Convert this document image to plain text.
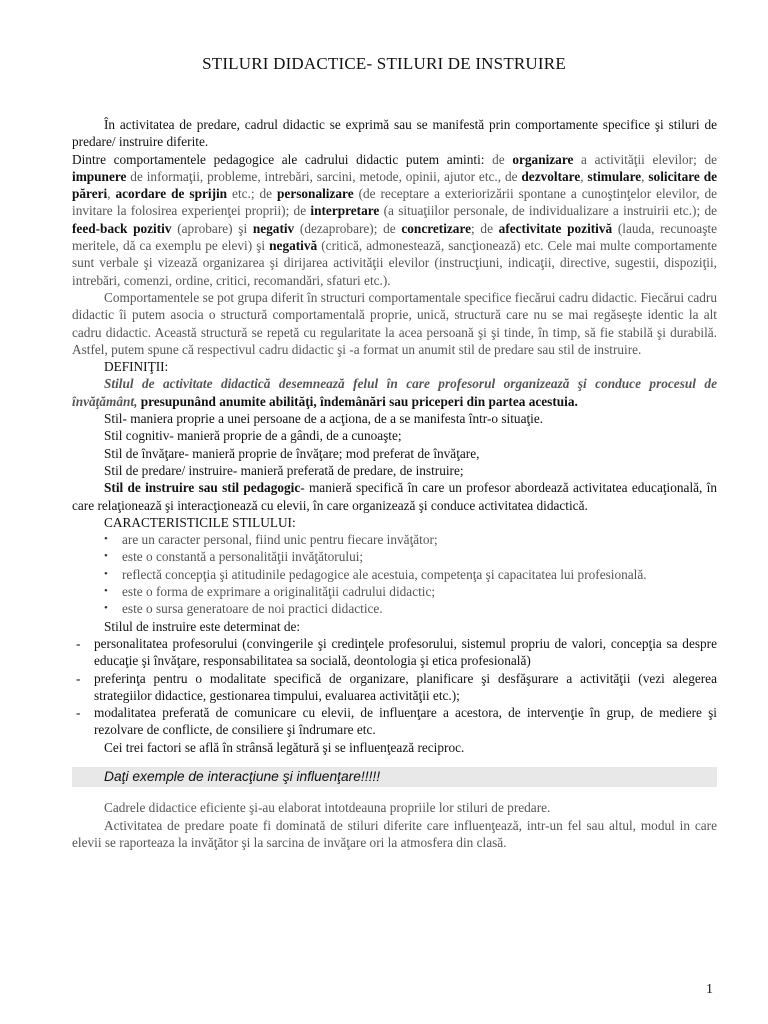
STILURI DIDACTICE- STILURI DE INSTRUIRE

În activitatea de predare, cadrul didactic se exprimă sau se manifestă prin comportamente specifice şi stiluri de predare/ instruire diferite.

Dintre comportamentele pedagogice ale cadrului didactic putem aminti: de organizare a activităţii elevilor; de impunere de informaţii, probleme, intrebări, sarcini, metode, opinii, ajutor etc., de dezvoltare, stimulare, solicitare de păreri, acordare de sprijin etc.; de personalizare (de receptare a exteriorizării spontane a cunoştinţelor elevilor, de invitare la folosirea experienţei proprii); de interpretare (a situaţiilor personale, de individualizare a instruirii etc.); de feed-back pozitiv (aprobare) şi negativ (dezaprobare); de concretizare; de afectivitate pozitivă (lauda, recunoaşte meritele, dă ca exemplu pe elevi) şi negativă (critică, admonestează, sancţionează) etc. Cele mai multe comportamente sunt verbale şi vizează organizarea şi dirijarea activităţii elevilor (instrucţiuni, indicaţii, directive, sugestii, dispoziţii, intrebări, comenzi, ordine, critici, recomandări, sfaturi etc.).

Comportamentele se pot grupa diferit în structuri comportamentale specifice fiecărui cadru didactic. Fiecărui cadru didactic îi putem asocia o structură comportamentală proprie, unică, structură care nu se mai regăseşte identic la alt cadru didactic. Această structură se repetă cu regularitate la acea persoană şi şi tinde, în timp, să fie stabilă şi durabilă. Astfel, putem spune că respectivul cadru didactic şi -a format un anumit stil de predare sau stil de instruire.

DEFINIŢII:

Stilul de activitate didactică desemnează felul în care profesorul organizează şi conduce procesul de învăţământ, presupunând anumite abilităţi, îndemânări sau priceperi din partea acestuia.

Stil- maniera proprie a unei persoane de a acţiona, de a se manifesta într-o situaţie.

Stil cognitiv- manieră proprie de a gândi, de a cunoaşte;

Stil de învăţare- manieră proprie de învăţare; mod preferat de învăţare,

Stil de predare/ instruire- manieră preferată de predare, de instruire;

Stil de instruire sau stil pedagogic- manieră specifică în care un profesor abordează activitatea educaţională, în care relaţionează şi interacţionează cu elevii, în care organizează şi conduce activitatea didactică.

CARACTERISTICILE STILULUI:

• are un caracter personal, fiind unic pentru fiecare invăţător;
• este o constantă a personalităţii invăţătorului;
• reflectă concepţia şi atitudinile pedagogice ale acestuia, competenţa şi capacitatea lui profesională.
• este o forma de exprimare a originalităţii cadrului didactic;
• este o sursa generatoare de noi practici didactice.

Stilul de instruire este determinat de:

- personalitatea profesorului (convingerile şi credinţele profesorului, sistemul propriu de valori, concepţia sa despre educaţie şi învăţare, responsabilitatea sa socială, deontologia şi etica profesională)
- preferinţa pentru o modalitate specifică de organizare, planificare şi desfăşurare a activităţii (vezi alegerea strategiilor didactice, gestionarea timpului, evaluarea activităţii etc.);
- modalitatea preferată de comunicare cu elevii, de influenţare a acestora, de intervenţie în grup, de mediere şi rezolvare de conflicte, de consiliere şi îndrumare etc.

Cei trei factori se află în strânsă legătură şi se influenţează reciproc.

Daţi exemple de interacţiune şi influenţare!!!!!

Cadrele didactice eficiente şi-au elaborat intotdeauna propriile lor stiluri de predare.

Activitatea de predare poate fi dominată de stiluri diferite care influenţează, intr-un fel sau altul, modul in care elevii se raporteaza la invăţător şi la sarcina de invăţare ori la atmosfera din clasă.

1
